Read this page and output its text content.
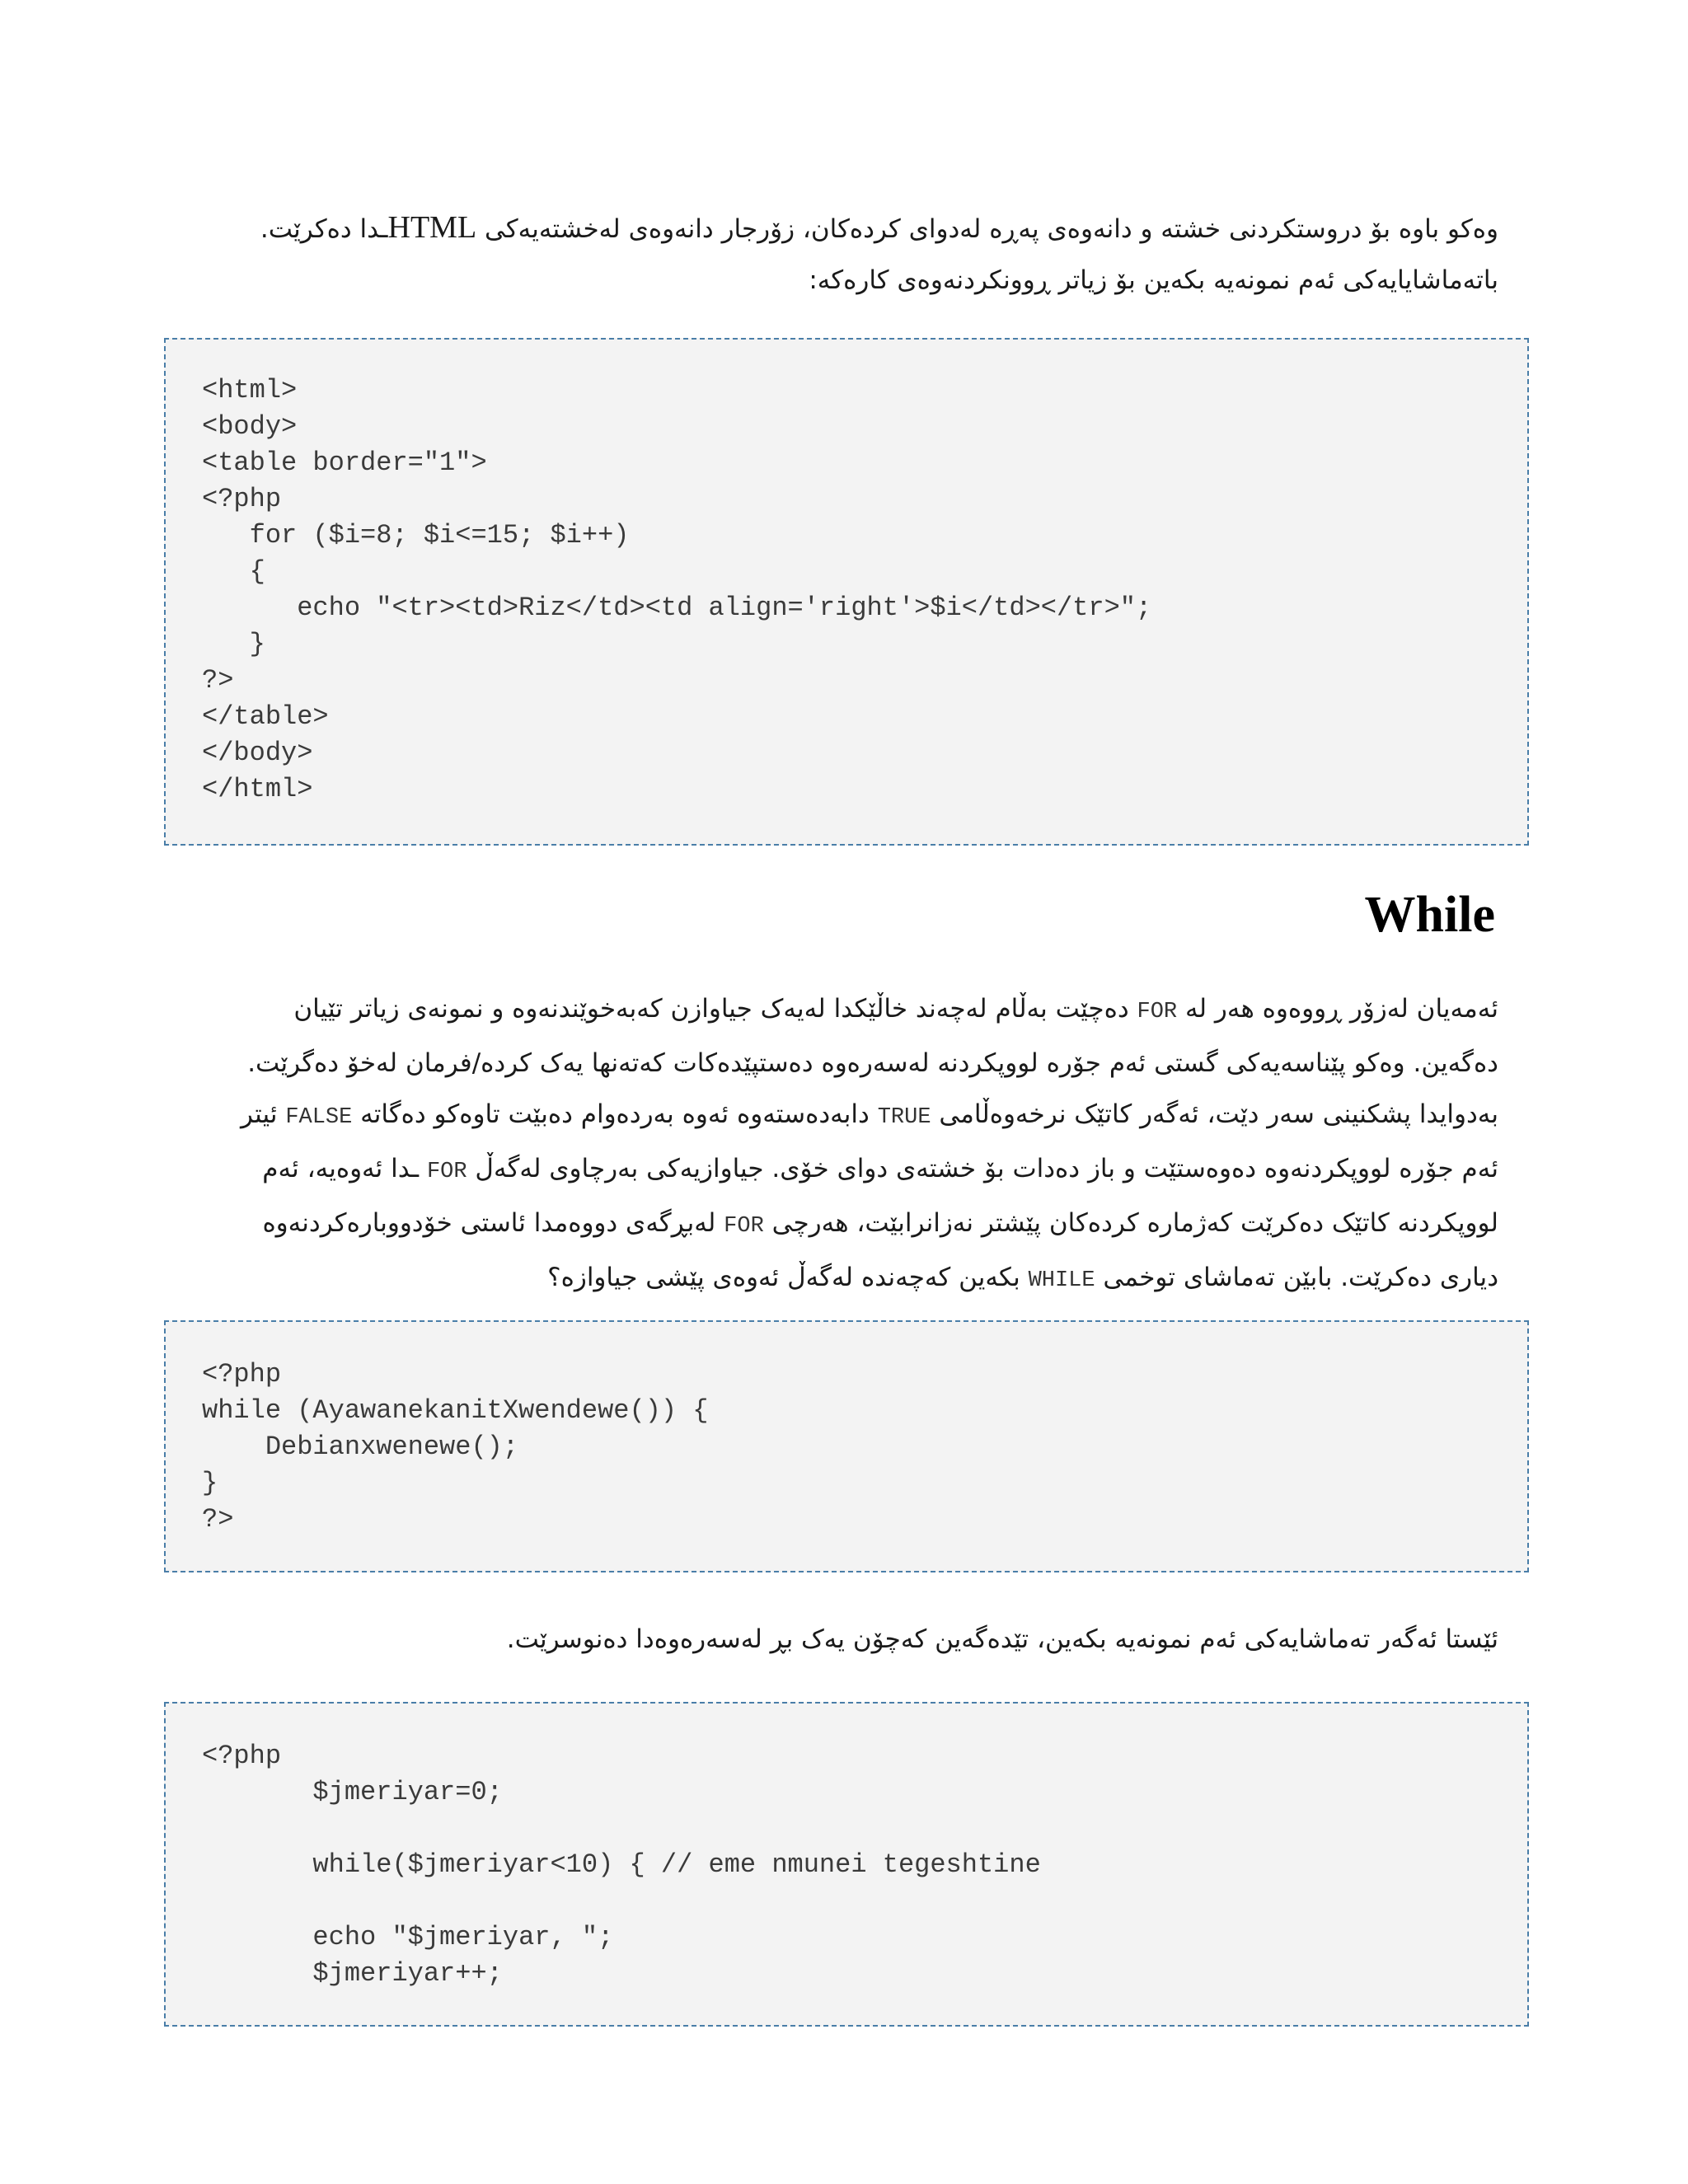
وەکو باوە بۆ دروستکردنی خشتە و دانەوەی پەڕە لەدوای کردەکان، زۆرجار دانەوەی لەخشتەیەکی HTMLـدا دەکرێت.
باتەماشایایەکی ئەم نمونەیە بکەین بۆ زیاتر ڕوونکردنەوەی کارەکە:
<html>
<body>
<table border="1">
<?php
for ($i=8; $i<=15; $i++)
{
echo "<tr><td>Riz</td><td align='right'>$i</td></tr>";
}
?>
</table>
</body>
</html>
While
ئەمەیان لەزۆر ڕووەوە هەر لە FOR دەچێت بەڵام لەچەند خاڵێکدا لەیەک جیاوازن کەبەخوێندنەوە و نمونەی زیاتر تێیان
دەگەین. وەکو پێناسەیەکی گستی ئەم جۆرە لووپکردنە لەسەرەوە دەستپێدەکات کەتەنها یەک کردە/فرمان لەخۆ دەگرێت.
بەدوایدا پشکنینی سەر دێت، ئەگەر کاتێک نرخەوەڵامی TRUE دابەدەستەوە ئەوە بەردەوام دەبێت تاوەکو دەگاتە FALSE ئیتر
ئەم جۆرە لووپکردنەوە دەوەستێت و باز دەدات بۆ خشتەی دوای خۆی. جیاوازیەکی بەرچاوی لەگەڵ FOR ـدا ئەوەیە، ئەم
لووپکردنە کاتێک دەکرێت کەژمارە کردەکان پێشتر نەزانرابێت، هەرچی FOR لەبڕگەی دووەمدا ئاستی خۆدووبارەکردنەوە
دیاری دەکرێت. بابێن تەماشای توخمی WHILE بکەین کەچەندە لەگەڵ ئەوەی پێشی جیاوازە؟
<?php
while (AyawanekanitXwendewe()) {
Debianxwenewe();
}
?>
ئێستا ئەگەر تەماشایەکی ئەم نمونەیە بکەین، تێدەگەین کەچۆن یەک بڕ لەسەرەوەدا دەنوسرێت.
<?php
$jmeriyar=0;

while($jmeriyar<10) { // eme nmunei tegeshtine

echo "$jmeriyar, ";
$jmeriyar++;
